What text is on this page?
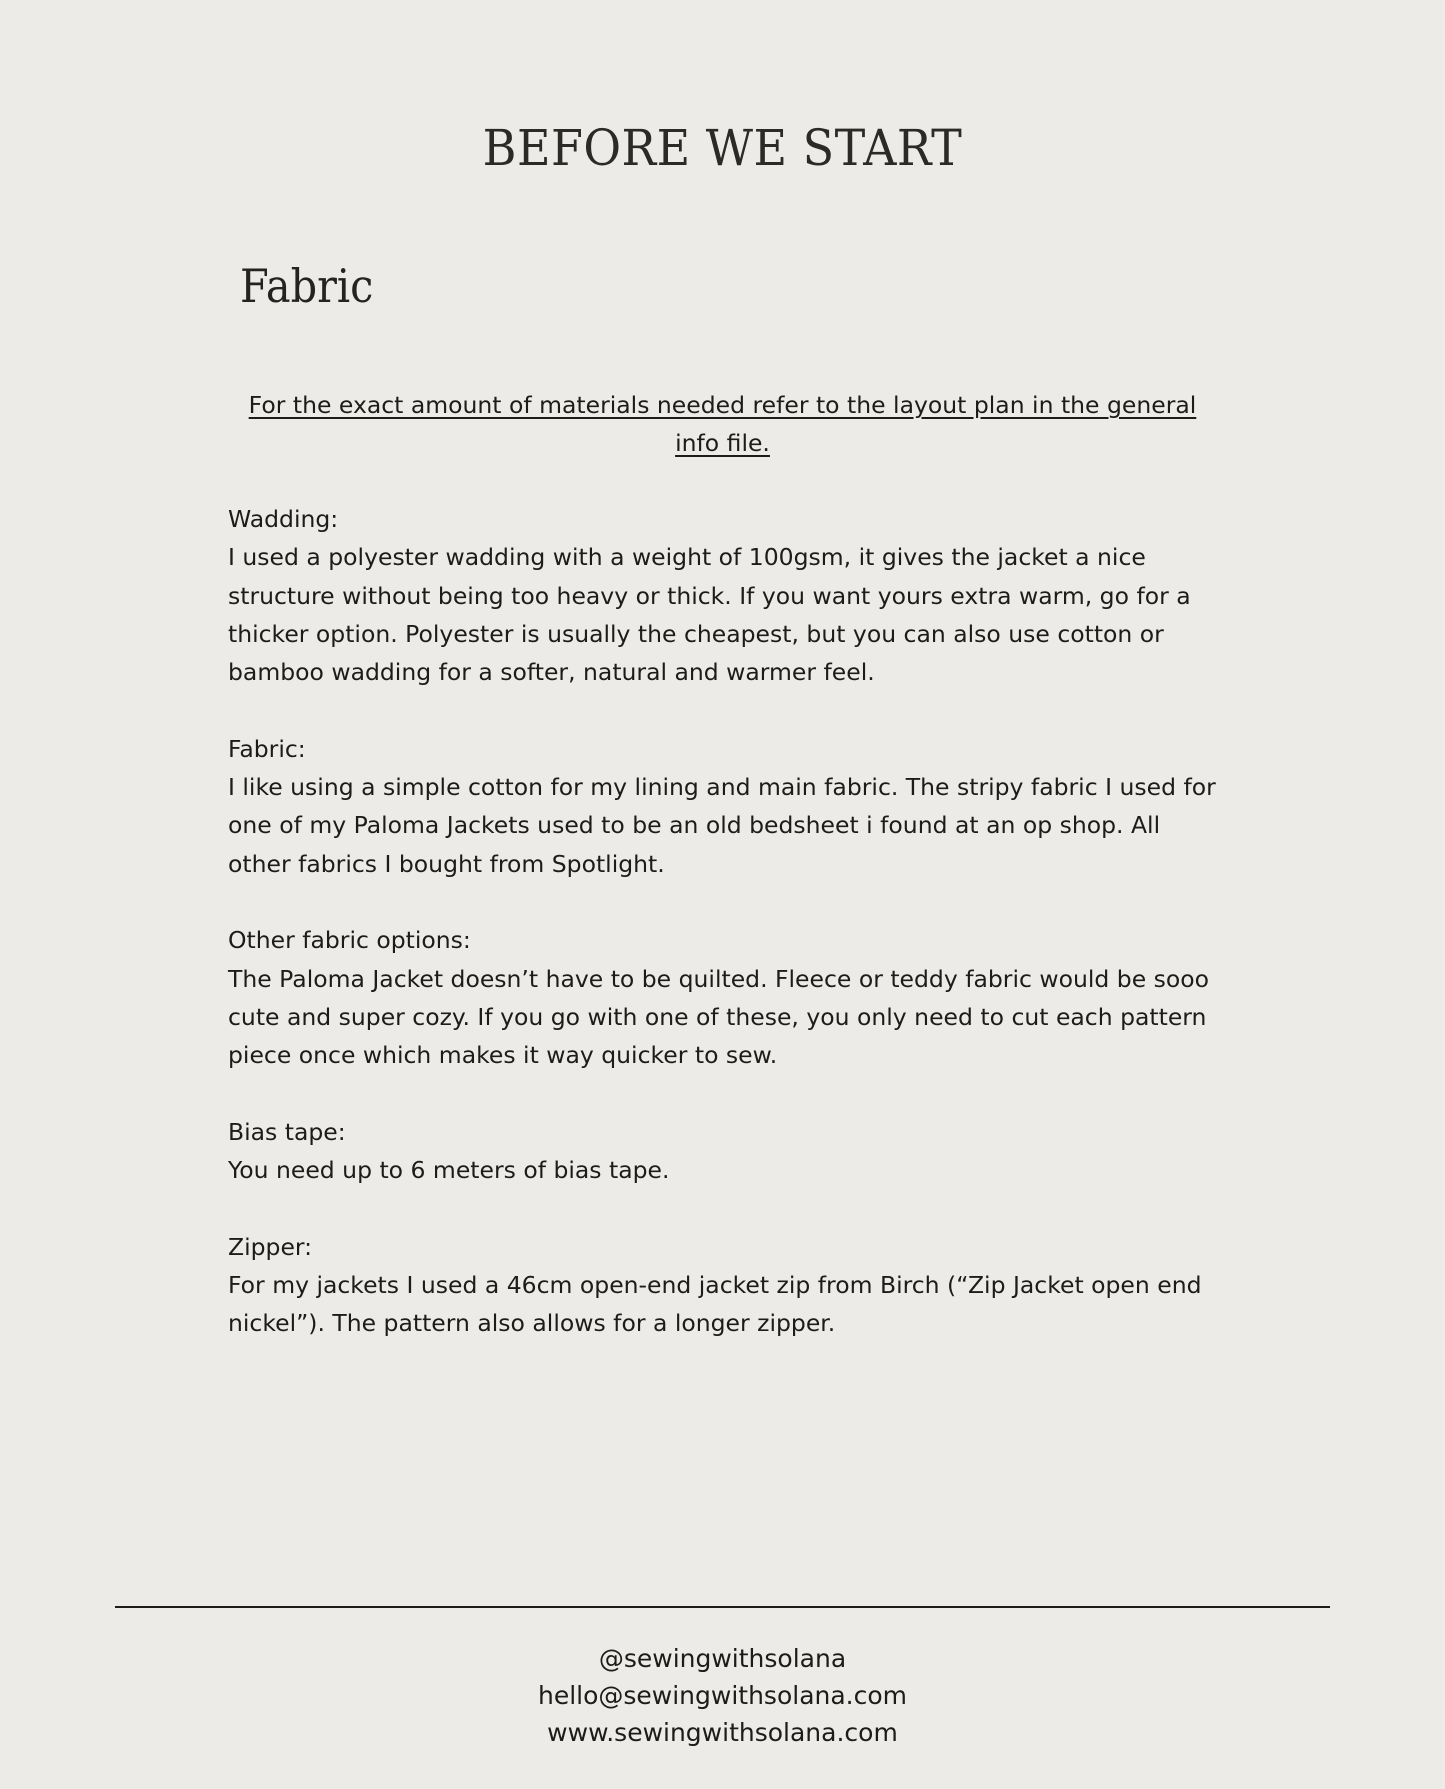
BEFORE WE START
Fabric
For the exact amount of materials needed refer to the layout plan in the general info file.

Wadding:

I used a polyester wadding with a weight of 100gsm, it gives the jacket a nice structure without being too heavy or thick. If you want yours extra warm, go for a thicker option. Polyester is usually the cheapest, but you can also use cotton or bamboo wadding for a softer, natural and warmer feel.

Fabric:

I like using a simple cotton for my lining and main fabric. The stripy fabric I used for one of my Paloma Jackets used to be an old bedsheet i found at an op shop. All other fabrics I bought from Spotlight.

Other fabric options:

The Paloma Jacket doesn’t have to be quilted. Fleece or teddy fabric would be sooo cute and super cozy. If you go with one of these, you only need to cut each pattern piece once which makes it way quicker to sew.

Bias tape:

You need up to 6 meters of bias tape.

Zipper:

For my jackets I used a 46cm open-end jacket zip from Birch (“Zip Jacket open end nickel”). The pattern also allows for a longer zipper.

@sewingwithsolana
hello@sewingwithsolana.com
www.sewingwithsolana.com
